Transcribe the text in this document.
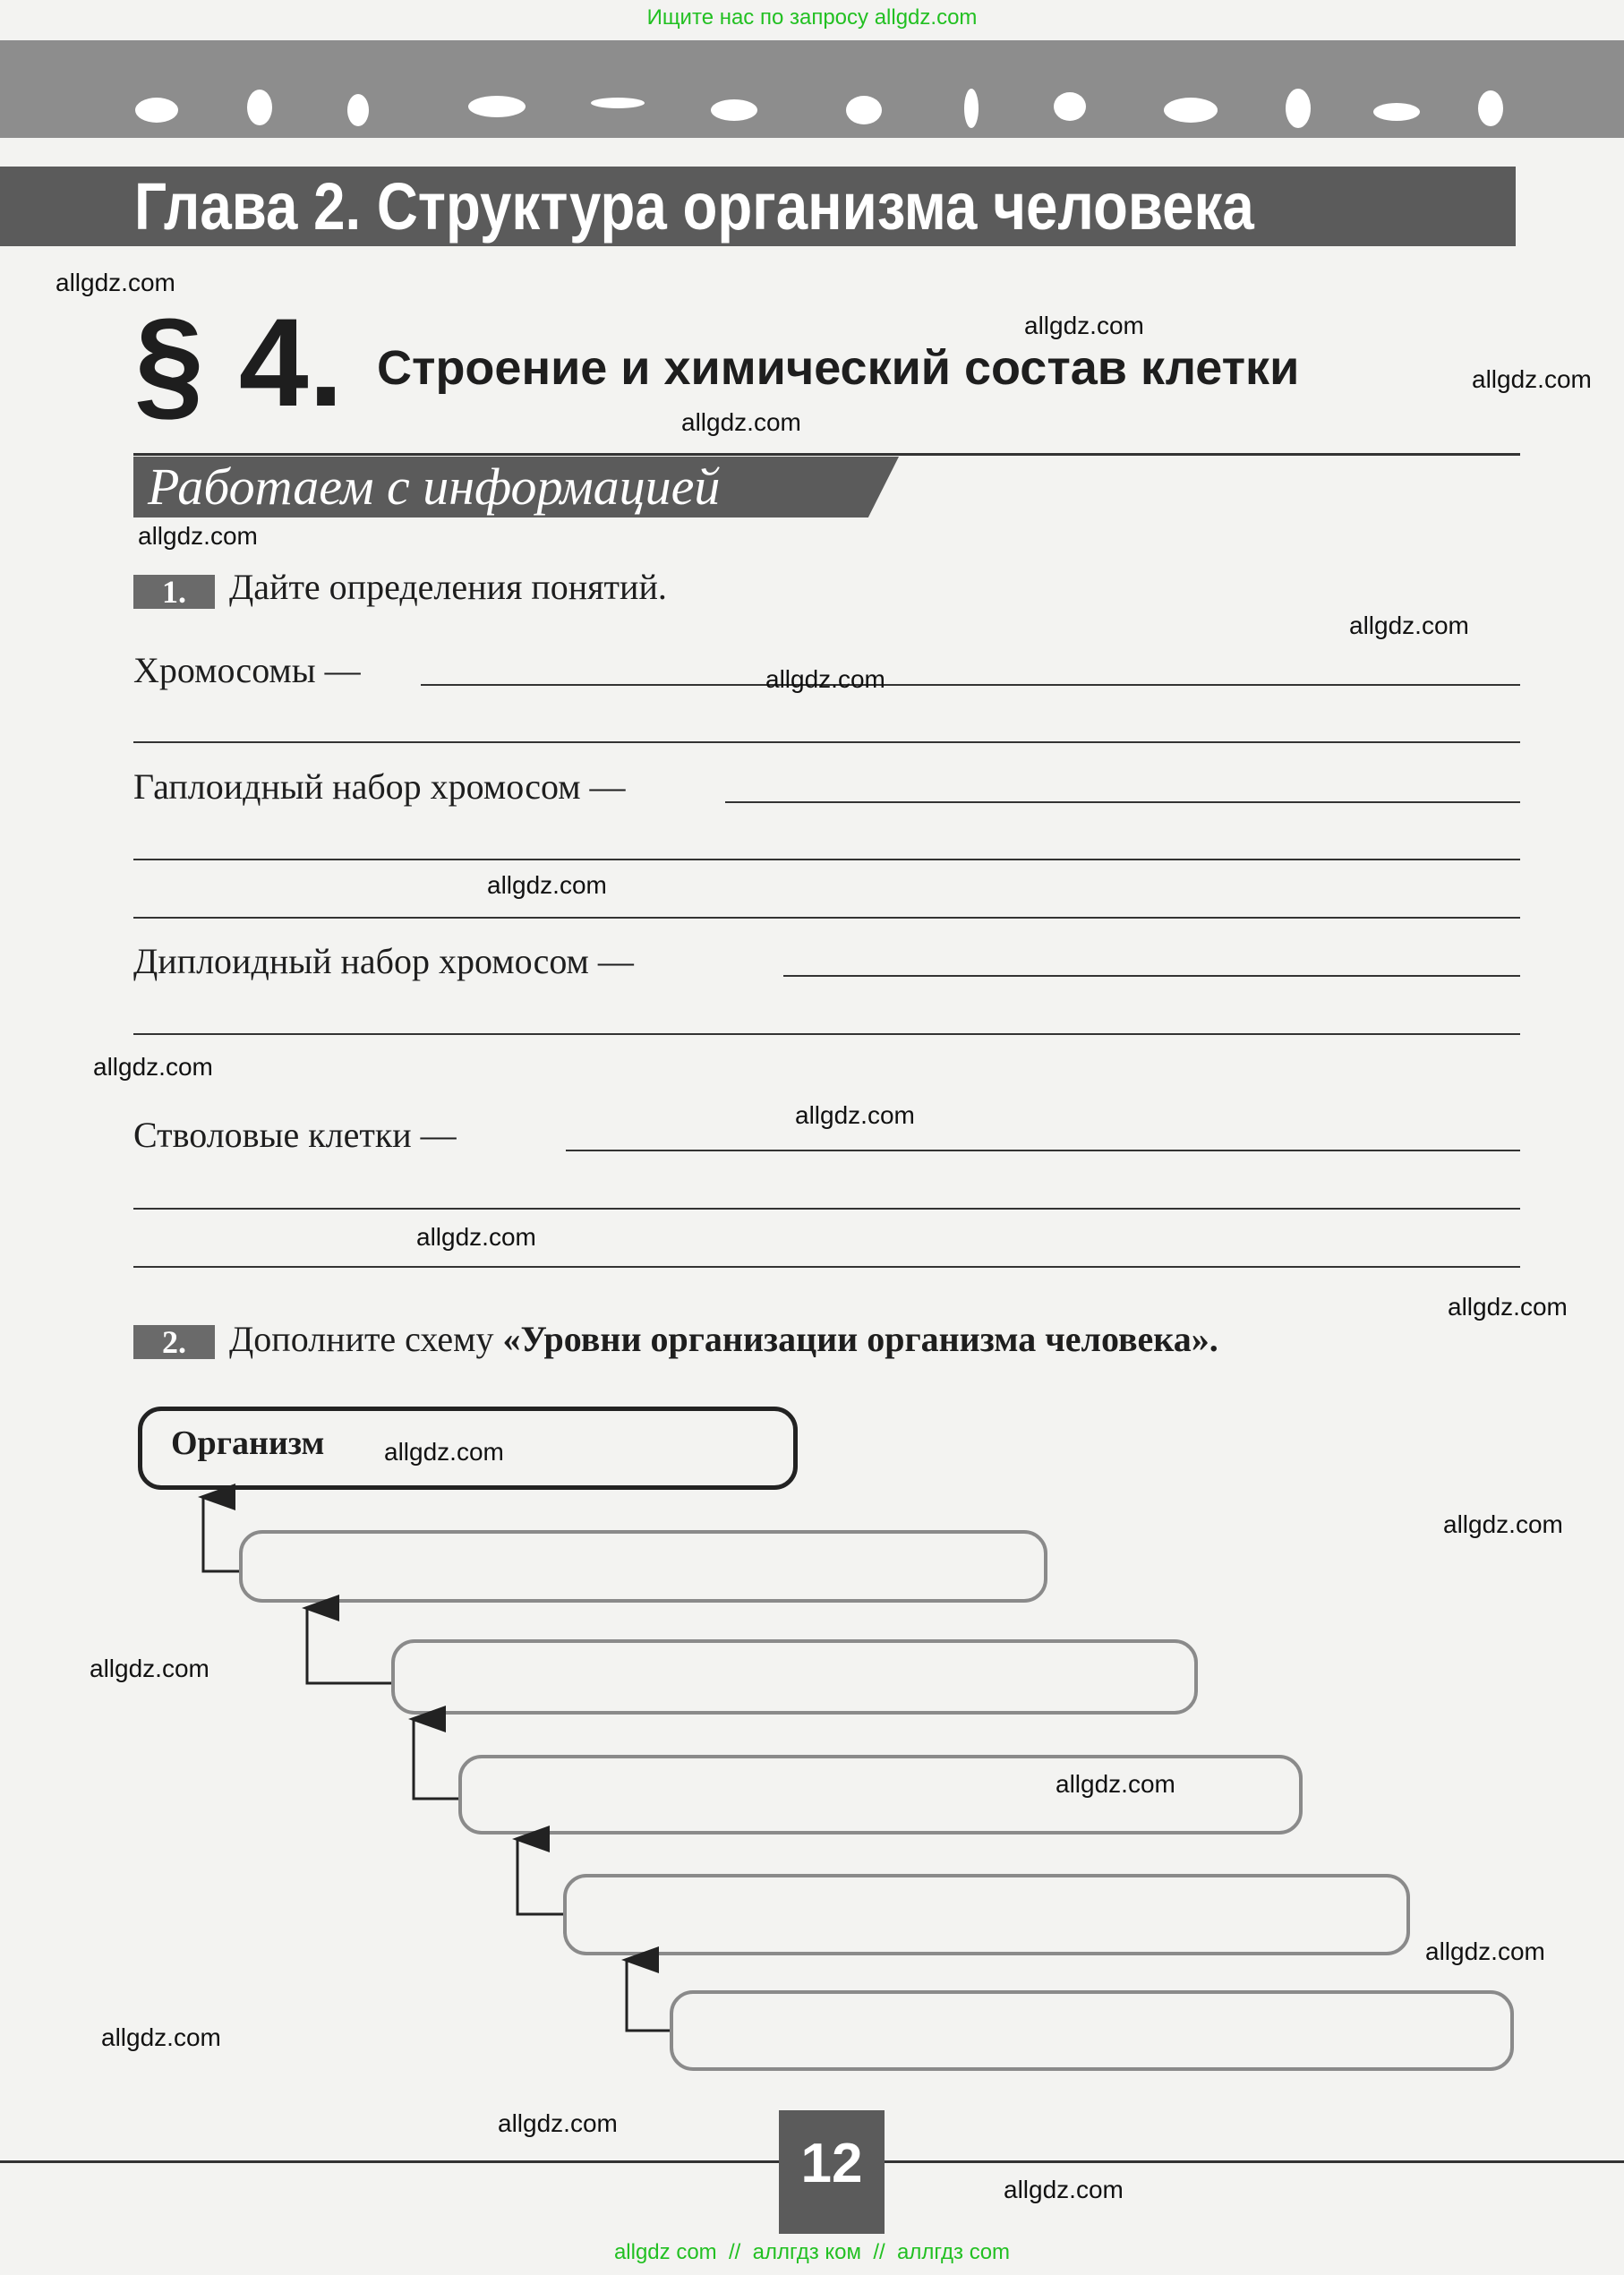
Ищите нас по запросу allgdz.com
Глава 2. Структура организма человека
§ 4. Строение и химический состав клетки
Работаем с информацией
1.	Дайте определения понятий.
Хромосомы —
Гаплоидный набор хромосом —
Диплоидный набор хромосом —
Стволовые клетки —
2.	Дополните схему «Уровни организации организма человека».
Организм
12
allgdz.com
allgdz.com
allgdz.com
allgdz.com
allgdz.com
allgdz.com
allgdz.com
allgdz.com
allgdz.com
allgdz.com
allgdz.com
allgdz.com
allgdz.com
allgdz.com
allgdz.com
allgdz.com
allgdz.com
allgdz.com
allgdz.com
allgdz.com
allgdz com  //  аллгдз ком  //  аллгдз com
